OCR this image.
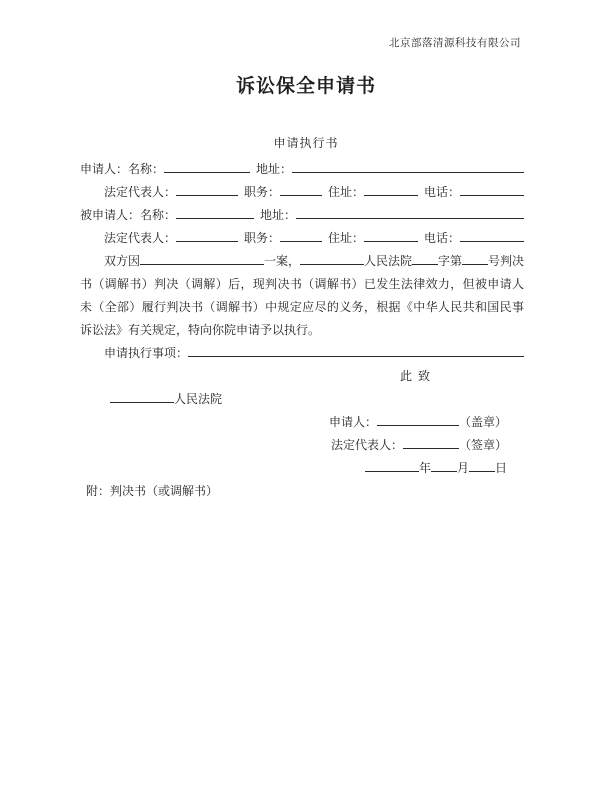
北京部落清源科技有限公司
诉讼保全申请书
申请执行书
申请人：名称：	地址：
法定代表人：	职务：	住址：	电话：
被申请人：名称：	地址：
法定代表人：	职务：	住址：	电话：
双方因	一案，	人民法院 字第 号判决
书（调解书）判决（调解）后，现判决书（调解书）已发生法律效力，但被申请人
未（全部）履行判决书（调解书）中规定应尽的义务，根据《中华人民共和国民事
诉讼法》有关规定，特向你院申请予以执行。
申请执行事项：
此  致
人民法院
申请人：	（盖章）
法定代表人：	（签章）
年 月 日
附：判决书（或调解书）
